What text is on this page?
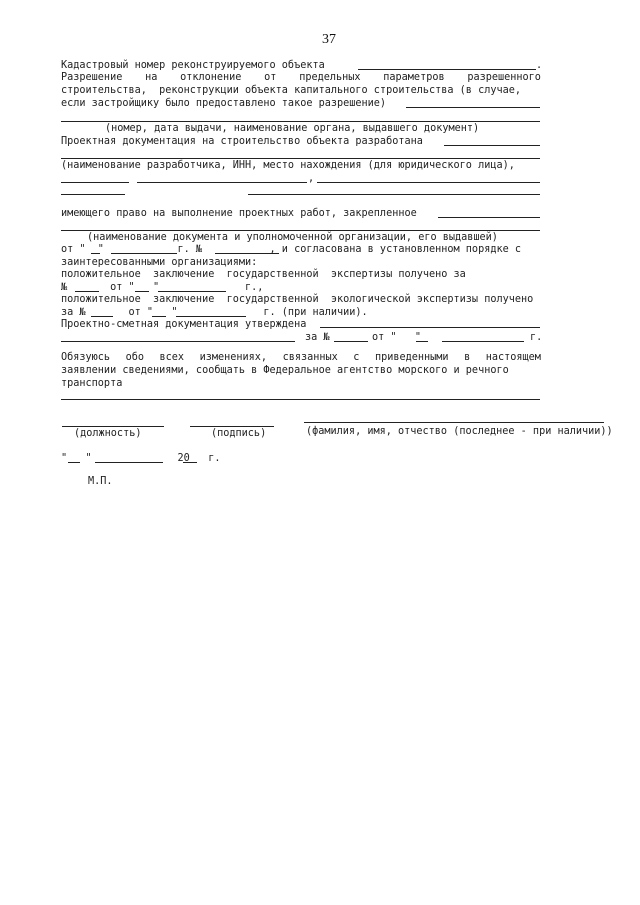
37
Кадастровый номер реконструируемого объекта	.
Разрешение на отклонение от предельных параметров разрешенного
строительства,  реконструкции объекта капитального строительства (в случае,
если застройщику было предоставлено такое разрешение)
(номер, дата выдачи, наименование органа, выдавшего документ)
Проектная документация на строительство объекта разработана
(наименование разработчика, ИНН, место нахождения (для юридического лица),
,
имеющего право на выполнение проектных работ, закрепленное
(наименование документа и уполномоченной организации, его выдавшей)
от "  "            г. №           , и согласована в установленном порядке с
заинтересованными организациями:
положительное  заключение  государственной  экспертизы получено за
№       от "   "              г.,
положительное  заключение  государственной  экологической экспертизы получено
за №       от "   "              г. (при наличии).
Проектно-сметная документация утверждена
за №	от "   "	г.
Обязуюсь обо всех изменениях, связанных с приведенными в настоящем
заявлении сведениями, сообщать в Федеральное агентство морского и речного
транспорта
(должность)	(подпись)	(фамилия, имя, отчество (последнее - при наличии))
"   "              20   г.
М.П.
